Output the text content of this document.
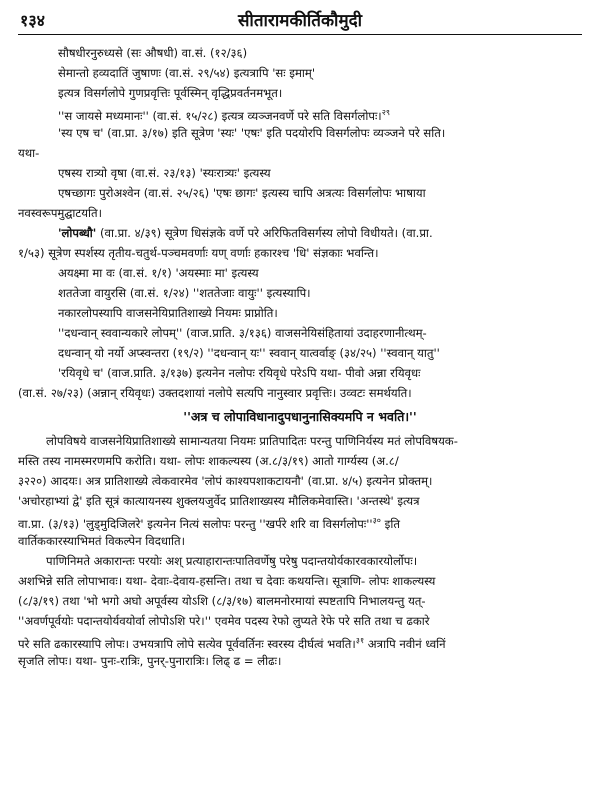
१३४	सीतारामकीर्तिकौमुदी
सौषधीरनुरुध्यसे (सः औषधी) वा.सं. (१२/३६)
सेमान्तो हव्यदातिं जुषाणः (वा.सं. २९/५४) इत्यत्रापि 'सः इमाम्'
इत्यत्र विसर्गलोपे गुणप्रवृत्तिः पूर्वस्मिन् वृद्धिप्रवर्तनमभूत।
''स जायसे मध्यमानः'' (वा.सं. १५/२८) इत्यत्र व्यञ्जनवर्णे परे सति विसर्गलोपः।$^{२९}$
'स्य एष च' (वा.प्रा. ३/१७) इति सूत्रेण 'स्यः' 'एषः' इति पदयोरपि विसर्गलोपः व्यञ्जने परे सति।
यथा-
एषस्य रात्र्यो वृषा (वा.सं. २३/१३) 'स्यःरात्र्यः' इत्यस्य
एषच्छागः पुरोअश्वेन (वा.सं. २५/२६) 'एषः छागः' इत्यस्य चापि अत्रत्यः विसर्गलोपः भाषाया
नवस्वरूपमुद्घाटयति।
'लोपब्धौ' (वा.प्रा. ४/३९) सूत्रेण धिसंज्ञके वर्णे परे अरिफितविसर्गस्य लोपो विधीयते। (वा.प्रा.
१/५३) सूत्रेण स्पर्शस्य तृतीय-चतुर्थ-पञ्चमवर्णाः यण् वर्णाः हकारश्च 'धि' संज्ञकाः भवन्ति।
अयक्ष्मा मा वः (वा.सं. १/१) 'अयस्माः मा' इत्यस्य
शततेजा वायुरसि (वा.सं. १/२४) ''शततेजाः वायुः'' इत्यस्यापि।
नकारलोपस्यापि वाजसनेयिप्रातिशाख्ये नियमः प्राप्नोति।
''दधन्वान् स्ववान्यकारे लोपम्'' (वाज.प्राति. ३/१३६) वाजसनेयिसंहितायां उदाहरणानीत्थम्-
दधन्वान् यो नर्यो अप्स्वन्तरा (१९/२) ''दधन्वान् यः'' स्ववान् यात्वर्वाङ् (३४/२५) ''स्ववान् यातु''
'रयिवृधे च' (वाज.प्राति. ३/१३७) इत्यनेन नलोपः रयिवृधे परेऽपि यथा- पीवो अन्ना रयिवृधः
(वा.सं. २७/२३) (अन्नान् रयिवृधः) उक्तदशायां नलोपे सत्यपि नानुस्वार प्रवृत्तिः। उव्वटः समर्थयति।
''अत्र च लोपाविधानादुपधानुनासिक्यमपि न भवति।''
लोपविषये वाजसनेयिप्रातिशाख्ये सामान्यतया नियमः प्रातिपादितः परन्तु पाणिनिर्यस्य मतं लोपविषयक-
मस्ति तस्य नामस्मरणमपि करोति। यथा- लोपः शाकल्यस्य (अ.८/३/१९) आतो गार्ग्यस्य (अ.८/
३२२०) आदयः। अत्र प्रातिशाख्ये त्वेकवारमेव 'लोपं काश्यपशाकटायनौ' (वा.प्रा. ४/५) इत्यनेन प्रोक्तम्।
'अचोरहाभ्यां द्वे' इति सूत्रं कात्यायनस्य शुक्लयजुर्वेद प्रातिशाख्यस्य मौलिकमेवास्ति। 'अन्तस्थे' इत्यत्र
वा.प्रा. (३/१३) 'लुड्मुदिजिलरे' इत्यनेन नित्यं सलोपः परन्तु ''खर्परे शरि वा $विसर्गलोपः''^{३०}$ इति
वार्तिककारस्याभिमतं विकल्पेन विदधाति।
पाणिनिमते अकारान्तः परयोः अश् प्रत्याहारान्तःपातिवर्णेषु परेषु पदान्तयोर्यकारवकारयोर्लोपः।
अशभिन्ने सति लोपाभावः। यथा- देवाः-देवाय-हसन्ति। तथा च देवाः कथयन्ति। सूत्राणि- लोपः शाकल्यस्य
(८/३/१९) तथा 'भो भगो अघो अपूर्वस्य योऽशि (८/३/१७) बालमनोरमायां स्पष्टतापि निभालयन्तु यत्-
''अवर्णपूर्वयोः पदान्तयोर्यवयोर्वा लोपोऽशि परे।'' एवमेव पदस्य रेफो लुप्यते रेफे परे सति तथा च ढकारे
परे सति ढकारस्यापि लोपः। उभयत्रापि लोपे सत्येव पूर्ववर्तिनः स्वरस्य दीर्घत्वं भवति।$^{३१}$ अत्रापि नवीनं ध्वनिं
सृजति लोपः। यथा- पुनः-रात्रिः, पुनर्-पुनारात्रिः। लिढ् ढ = लीढः।
